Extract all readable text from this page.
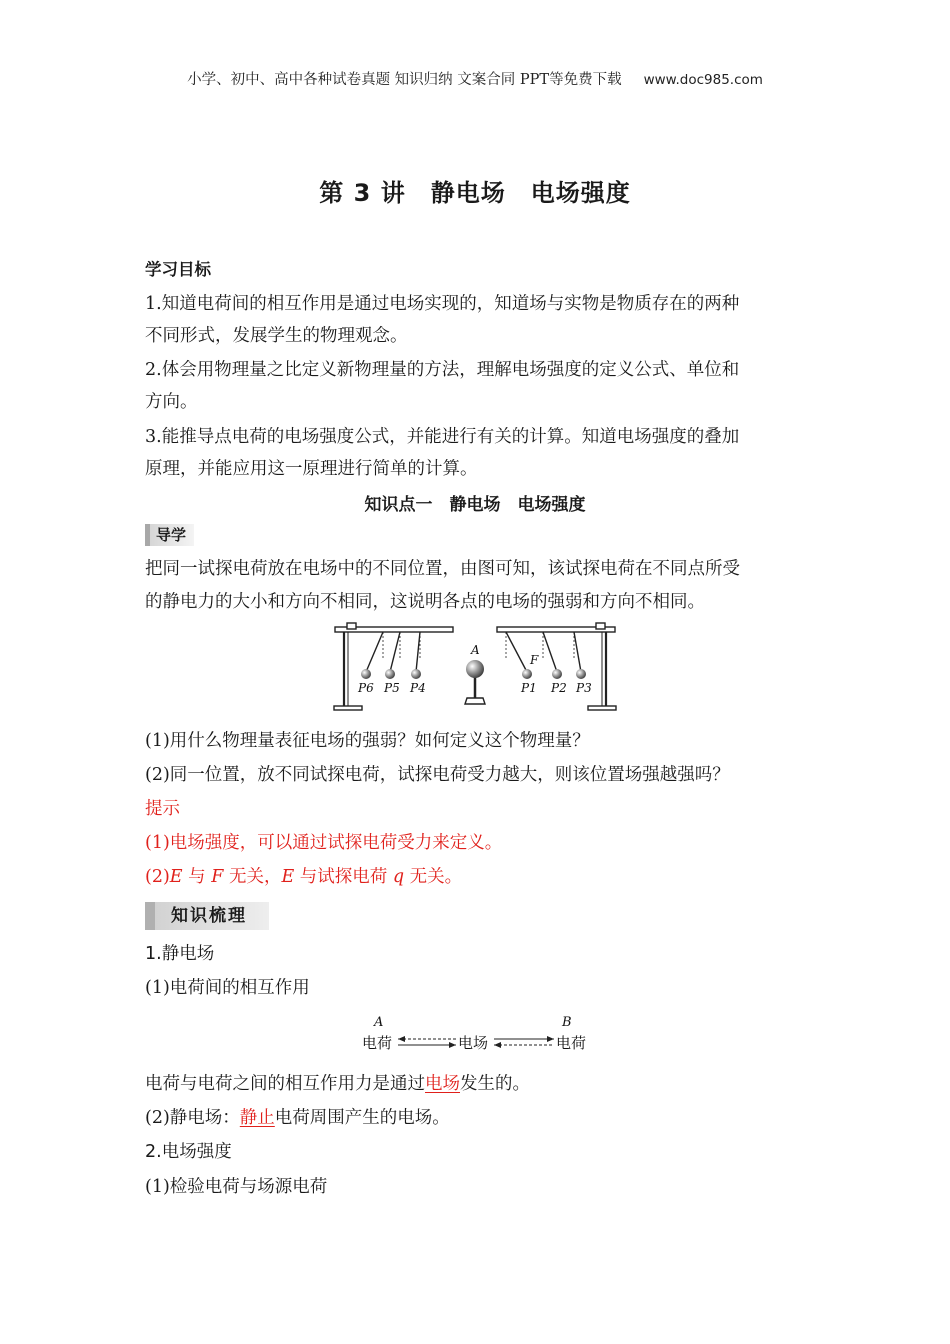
小学、初中、高中各种试卷真题 知识归纳 文案合同 PPT等免费下载 www.doc985.com
第 3 讲　静电场　电场强度
学习目标
1.知道电荷间的相互作用是通过电场实现的，知道场与实物是物质存在的两种
不同形式，发展学生的物理观念。
2.体会用物理量之比定义新物理量的方法，理解电场强度的定义公式、单位和
方向。
3.能推导点电荷的电场强度公式，并能进行有关的计算。知道电场强度的叠加
原理，并能应用这一原理进行简单的计算。
知识点一　静电场　电场强度
导学
把同一试探电荷放在电场中的不同位置，由图可知，该试探电荷在不同点所受
的静电力的大小和方向不相同，这说明各点的电场的强弱和方向不相同。
A
F
P6 P5 P4	P1 P2 P3
(1)用什么物理量表征电场的强弱？如何定义这个物理量？
(2)同一位置，放不同试探电荷，试探电荷受力越大，则该位置场强越强吗？
提示
(1)电场强度，可以通过试探电荷受力来定义。
(2)E 与 F 无关，E 与试探电荷 q 无关。
知识梳理
1.静电场
(1)电荷间的相互作用
A	B
电荷	电场	电荷
电荷与电荷之间的相互作用力是通过电场发生的。
(2)静电场：静止电荷周围产生的电场。
2.电场强度
(1)检验电荷与场源电荷
